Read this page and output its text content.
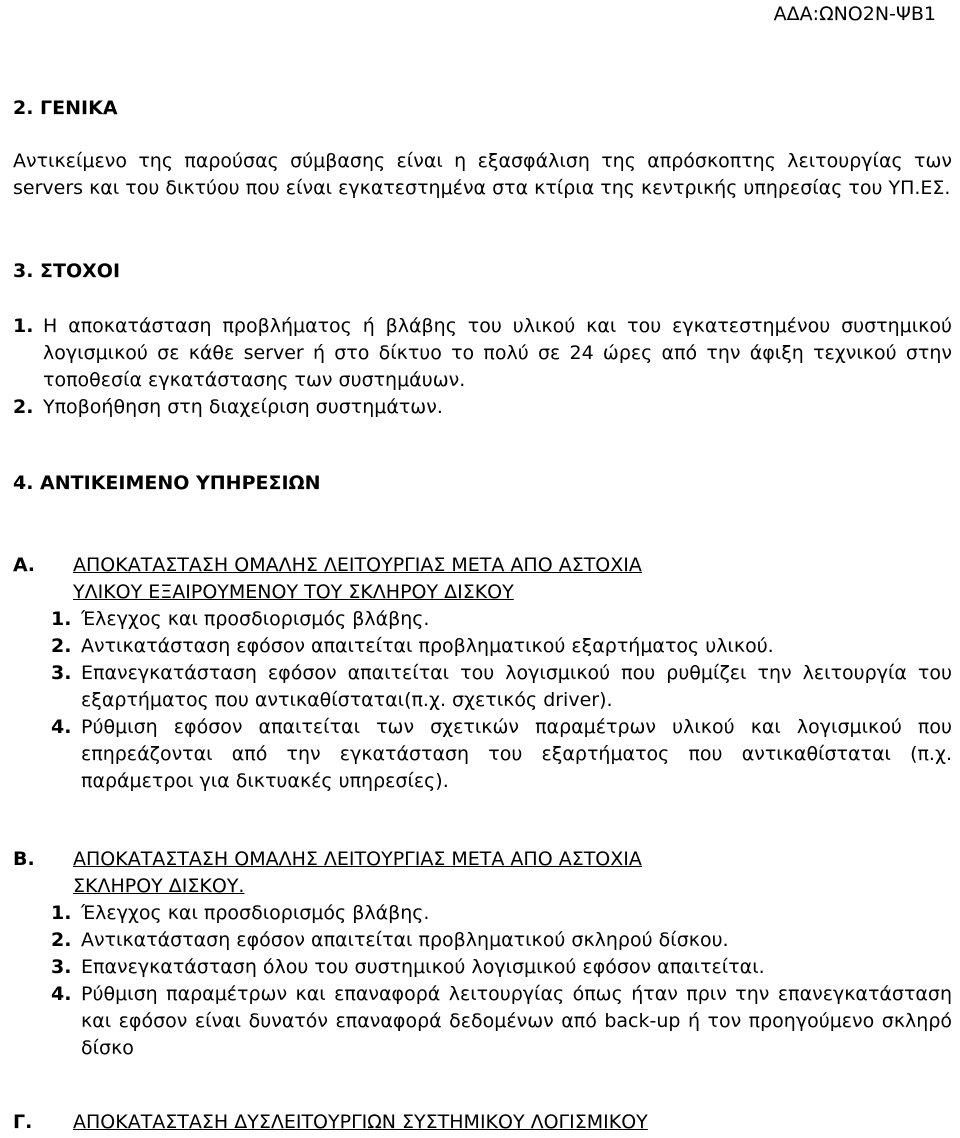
ΑΔΑ:ΩΝΟ2Ν-ΨΒ1
2. ΓΕΝΙΚΑ
Αντικείμενο της παρούσας σύμβασης είναι η εξασφάλιση της απρόσκοπτης λειτουργίας των servers και του δικτύου που είναι εγκατεστημένα στα κτίρια της κεντρικής υπηρεσίας του ΥΠ.ΕΣ.
3. ΣΤΟΧΟΙ
1. Η αποκατάσταση προβλήματος ή βλάβης του υλικού και του εγκατεστημένου συστημικού λογισμικού σε κάθε server ή στο δίκτυο το πολύ σε 24 ώρες από την άφιξη τεχνικού στην τοποθεσία εγκατάστασης των συστημάυων.
2. Υποβοήθηση στη διαχείριση συστημάτων.
4. ΑΝΤΙΚΕΙΜΕΝΟ ΥΠΗΡΕΣΙΩΝ
Α.	ΑΠΟΚΑΤΑΣΤΑΣΗ ΟΜΑΛΗΣ ΛΕΙΤΟΥΡΓΙΑΣ ΜΕΤΑ ΑΠΟ ΑΣΤΟΧΙΑ
ΥΛΙΚΟΥ ΕΞΑΙΡΟΥΜΕΝΟΥ ΤΟΥ ΣΚΛΗΡΟΥ ΔΙΣΚΟΥ
1. Έλεγχος και προσδιορισμός βλάβης.
2. Αντικατάσταση εφόσον απαιτείται προβληματικού εξαρτήματος υλικού.
3. Επανεγκατάσταση εφόσον απαιτείται του λογισμικού που ρυθμίζει την λειτουργία του εξαρτήματος που αντικαθίσταται(π.χ. σχετικός driver).
4. Ρύθμιση εφόσον απαιτείται των σχετικών παραμέτρων υλικού και λογισμικού που επηρεάζονται από την εγκατάσταση του εξαρτήματος που αντικαθίσταται (π.χ. παράμετροι για δικτυακές υπηρεσίες).
Β.	ΑΠΟΚΑΤΑΣΤΑΣΗ ΟΜΑΛΗΣ ΛΕΙΤΟΥΡΓΙΑΣ ΜΕΤΑ ΑΠΟ ΑΣΤΟΧΙΑ
ΣΚΛΗΡΟΥ ΔΙΣΚΟΥ.
1. Έλεγχος και προσδιορισμός βλάβης.
2. Αντικατάσταση εφόσον απαιτείται προβληματικού σκληρού δίσκου.
3. Επανεγκατάσταση όλου του συστημικού λογισμικού εφόσον απαιτείται.
4. Ρύθμιση παραμέτρων και επαναφορά λειτουργίας όπως ήταν πριν την επανεγκατάσταση και εφόσον είναι δυνατόν επαναφορά δεδομένων από back-up ή τον προηγούμενο σκληρό δίσκο
Γ.	ΑΠΟΚΑΤΑΣΤΑΣΗ ΔΥΣΛΕΙΤΟΥΡΓΙΩΝ ΣΥΣΤΗΜΙΚΟΥ ΛΟΓΙΣΜΙΚΟΥ
